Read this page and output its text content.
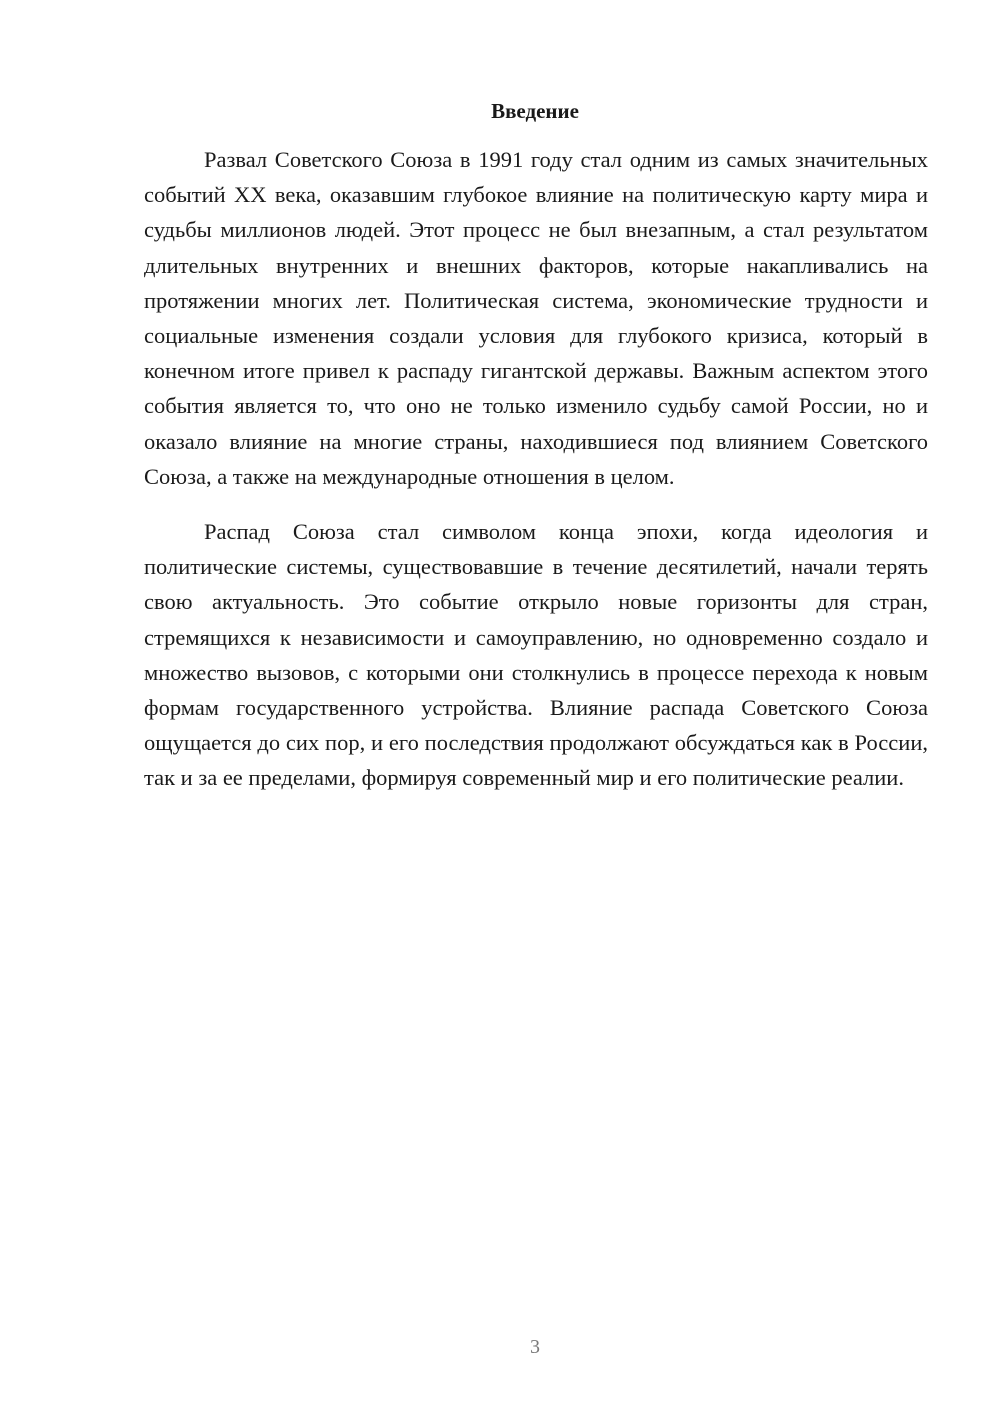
Введение

Развал Советского Союза в 1991 году стал одним из самых значительных событий XX века, оказавшим глубокое влияние на политическую карту мира и судьбы миллионов людей. Этот процесс не был внезапным, а стал результатом длительных внутренних и внешних факторов, которые накапливались на протяжении многих лет. Политическая система, экономические трудности и социальные изменения создали условия для глубокого кризиса, который в конечном итоге привел к распаду гигантской державы. Важным аспектом этого события является то, что оно не только изменило судьбу самой России, но и оказало влияние на многие страны, находившиеся под влиянием Советского Союза, а также на международные отношения в целом.

Распад Союза стал символом конца эпохи, когда идеология и политические системы, существовавшие в течение десятилетий, начали терять свою актуальность. Это событие открыло новые горизонты для стран, стремящихся к независимости и самоуправлению, но одновременно создало и множество вызовов, с которыми они столкнулись в процессе перехода к новым формам государственного устройства. Влияние распада Советского Союза ощущается до сих пор, и его последствия продолжают обсуждаться как в России, так и за ее пределами, формируя современный мир и его политические реалии.

3
